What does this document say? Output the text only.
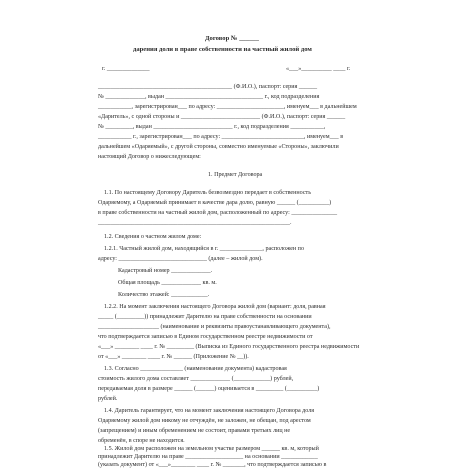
Договор № ______
дарения доли в праве собственности на частный жилой дом
г. ______________	«___»__________ ____ г.
____________________________________________ (Ф.И.О.), паспорт: серия ______
№ _____________, выдан ________________________________ г., код подразделения
___________, зарегистрирован___ по адресу: ______________________, именуем___ в дальнейшем
«Даритель», с одной стороны и __________________________ (Ф.И.О.), паспорт: серия ______
№ _________, выдан __________________________ г., код подразделения ___________,
___________ г., зарегистрирован___ по адресу: ___________________________, именуем___ в
дальнейшем «Одаряемый», с другой стороны, совместно именуемые «Стороны», заключили
настоящий Договор о нижеследующем:
1. Предмет Договора
1.1. По настоящему Договору Даритель безвозмездно передает в собственность
Одаряемому, а Одаряемый принимает в качестве дара долю, равную ______ (__________)
в праве собственности на частный жилой дом, расположенный по адресу: _______________
_______________________________________________________________.
1.2. Сведения о частном жилом доме:
1.2.1. Частный жилой дом, находящийся в г. ______________, расположен по
адресу: _____________________________ (далее – жилой дом).
Кадастровый номер _____________.
Общая площадь _____________ кв. м.
Количество этажей: ____________.
1.2.2. На момент заключения настоящего Договора жилой дом (вариант: доля, равная
_____ (_________)) принадлежит Дарителю на праве собственности на основании
____________________ (наименование и реквизиты правоустанавливающего документа),
что подтверждается записью в Едином государственном реестре недвижимости от
«___» ________ ____ г. № _________ (Выписка из Единого государственного реестра недвижимости
от «___» ________ ____ г. № ______ (Приложение № __)).
1.3. Согласно ______________ (наименование документа) кадастровая
стоимость жилого дома составляет _____________ (____________) рублей,
передаваемая доля в размере ______ (______) оценивается в _________ (__________)
рублей.
1.4. Даритель гарантирует, что на момент заключения настоящего Договора доля
Одаряемому жилой дом никому не отчуждён, не заложен, не обещан, под арестом
(запрещением) и иным обременением не состоит, правами третьих лиц не
обременён, в споре не находится.
1.5. Жилой дом расположен на земельном участке размером ______ кв. м, который
принадлежит Дарителю на праве ___________________ на основании ____________
(указать документ) от «___»________ ____ г. № _______, что подтверждается записью в
